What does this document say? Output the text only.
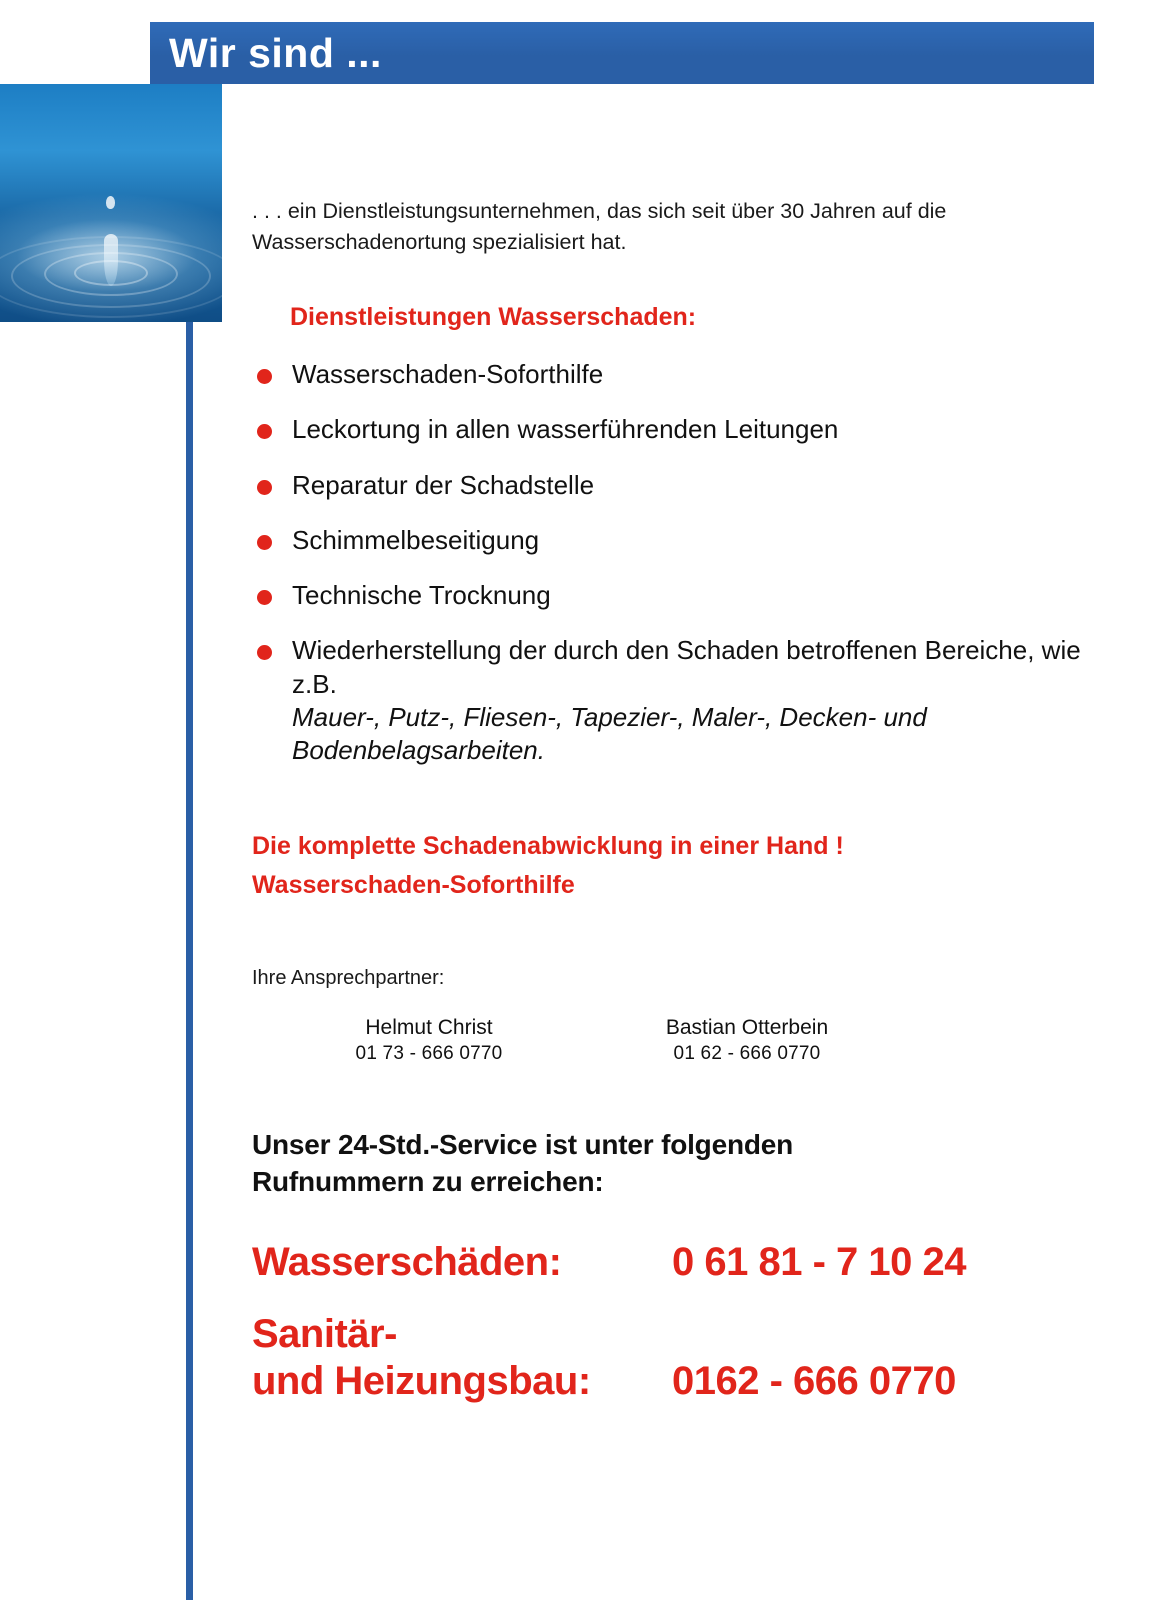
Wir sind ...

. . . ein Dienstleistungsunternehmen, das sich seit über 30 Jahren auf die Wasserschadenortung spezialisiert hat.

Dienstleistungen Wasserschaden:
Wasserschaden-Soforthilfe
Leckortung in allen wasserführenden Leitungen
Reparatur der Schadstelle
Schimmelbeseitigung
Technische Trocknung
Wiederherstellung der durch den Schaden betroffenen Bereiche, wie z.B.
Mauer-, Putz-, Fliesen-, Tapezier-, Maler-, Decken- und Bodenbelagsarbeiten.
Die komplette Schadenabwicklung in einer Hand !
Wasserschaden-Soforthilfe
Ihre Ansprechpartner:
Helmut Christ
01 73 - 666 0770
Bastian Otterbein
01 62 - 666 0770
Unser 24-Std.-Service ist unter folgenden
Rufnummern zu erreichen:
Wasserschäden:	0 61 81 - 7 10 24
Sanitär-
und Heizungsbau:	0162 - 666 0770
